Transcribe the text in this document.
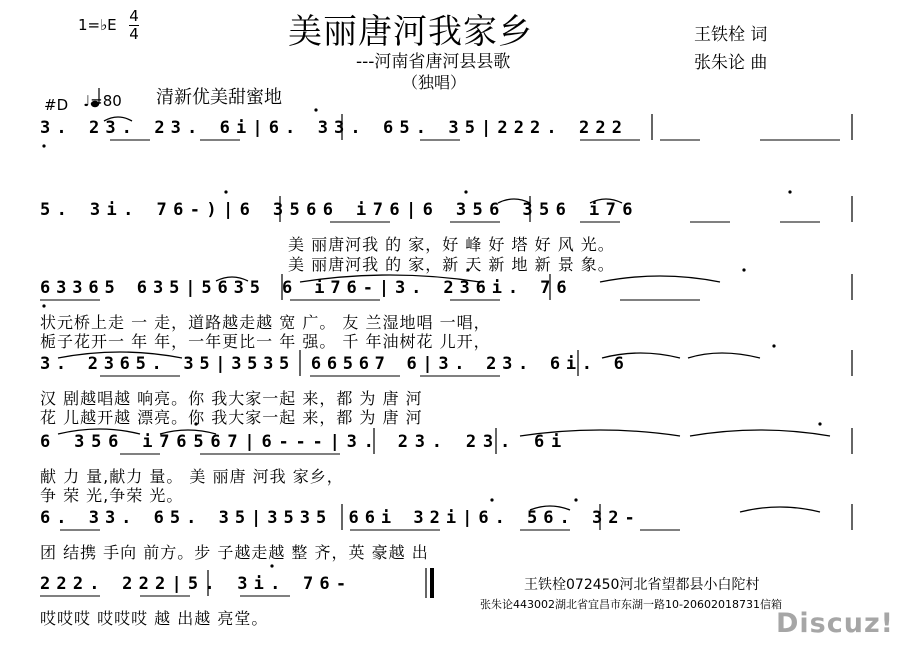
1=♭E 4
4	美丽唐河我家乡
---河南省唐河县县歌
（独唱）
王铁栓 词
张朱论 曲
#D ♩=80 清新优美甜蜜地
3. 23. 23. 6i|6. 33. 65. 35|222. 222
5. 3i. 76-)|6 3566 i76|6 356 356 i76
美 丽唐河我 的 家，好 峰 好 塔 好 风 光。
美 丽唐河我 的 家，新 天 新 地 新 景 象。
63365 635|5635 6 i76-|3. 236i. 76
状元桥上走 一 走，道路越走越 宽 广。 友 兰湿地唱 一唱，
栀子花开一 年 年，一年更比一 年 强。 千 年油树花 儿开，
3. 2365. 35|3535 66567 6|3. 23. 6i. 6
汉 剧越唱越 响亮。你 我大家一起 来，都 为 唐 河
花 儿越开越 漂亮。你 我大家一起 来，都 为 唐 河
6 356 i76567|6---|3. 23. 23. 6i
献 力 量,献力 量。 美 丽唐 河我 家乡，
争 荣 光,争荣 光。
6. 33. 65. 35|3535 66i 32i|6. 56. 32-
团 结携 手向 前方。步 子越走越 整 齐，英 豪越 出
222. 222|5. 3i. 76-
哎哎哎 哎哎哎 越 出越 亮堂。
王铁栓072450河北省望都县小白陀村
张朱论443002湖北省宜昌市东湖一路10-20602018731信箱
Discuz!
